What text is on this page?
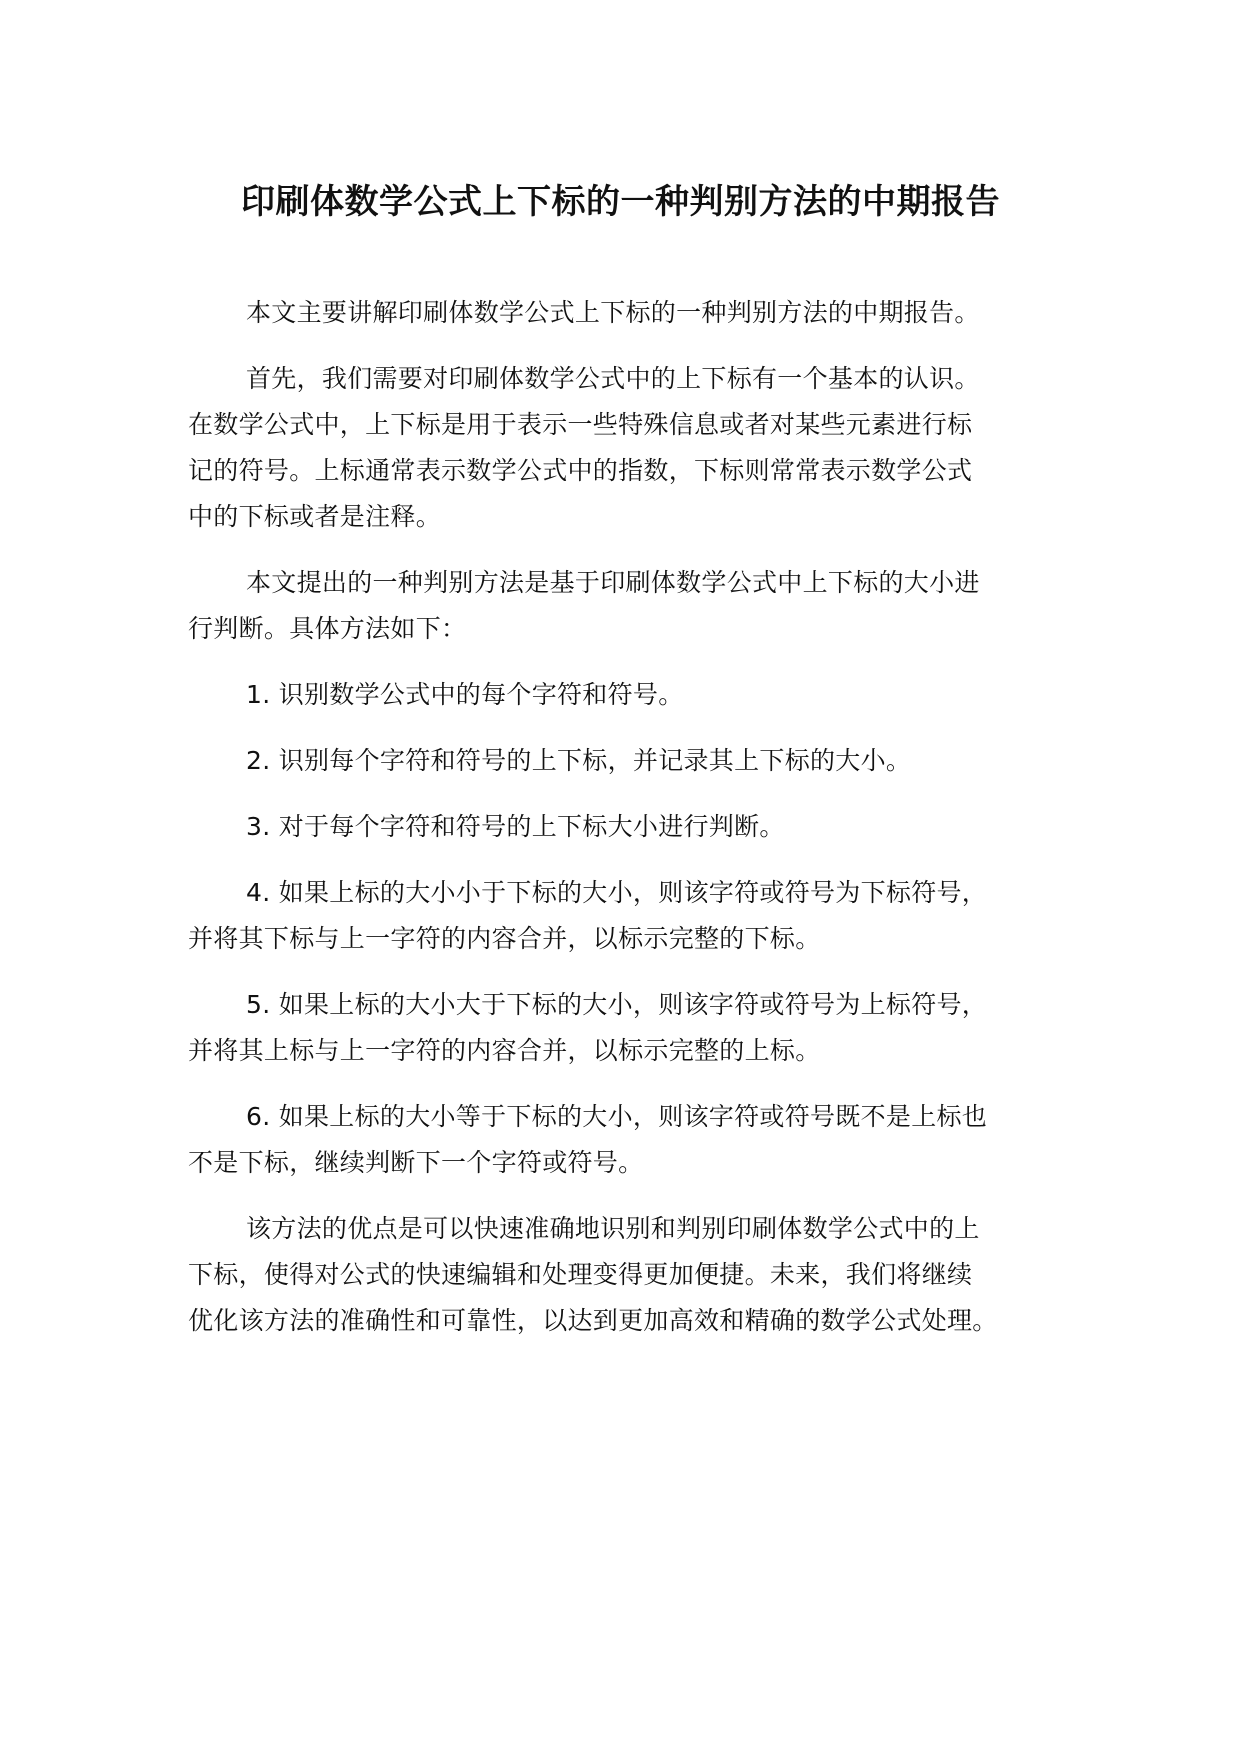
印刷体数学公式上下标的一种判别方法的中期报告

本文主要讲解印刷体数学公式上下标的一种判别方法的中期报告。

首先，我们需要对印刷体数学公式中的上下标有一个基本的认识。
在数学公式中，上下标是用于表示一些特殊信息或者对某些元素进行标
记的符号。上标通常表示数学公式中的指数，下标则常常表示数学公式
中的下标或者是注释。

本文提出的一种判别方法是基于印刷体数学公式中上下标的大小进
行判断。具体方法如下：

1. 识别数学公式中的每个字符和符号。

2. 识别每个字符和符号的上下标，并记录其上下标的大小。

3. 对于每个字符和符号的上下标大小进行判断。

4. 如果上标的大小小于下标的大小，则该字符或符号为下标符号，
并将其下标与上一字符的内容合并，以标示完整的下标。

5. 如果上标的大小大于下标的大小，则该字符或符号为上标符号，
并将其上标与上一字符的内容合并，以标示完整的上标。

6. 如果上标的大小等于下标的大小，则该字符或符号既不是上标也
不是下标，继续判断下一个字符或符号。

该方法的优点是可以快速准确地识别和判别印刷体数学公式中的上
下标，使得对公式的快速编辑和处理变得更加便捷。未来，我们将继续
优化该方法的准确性和可靠性，以达到更加高效和精确的数学公式处理。
